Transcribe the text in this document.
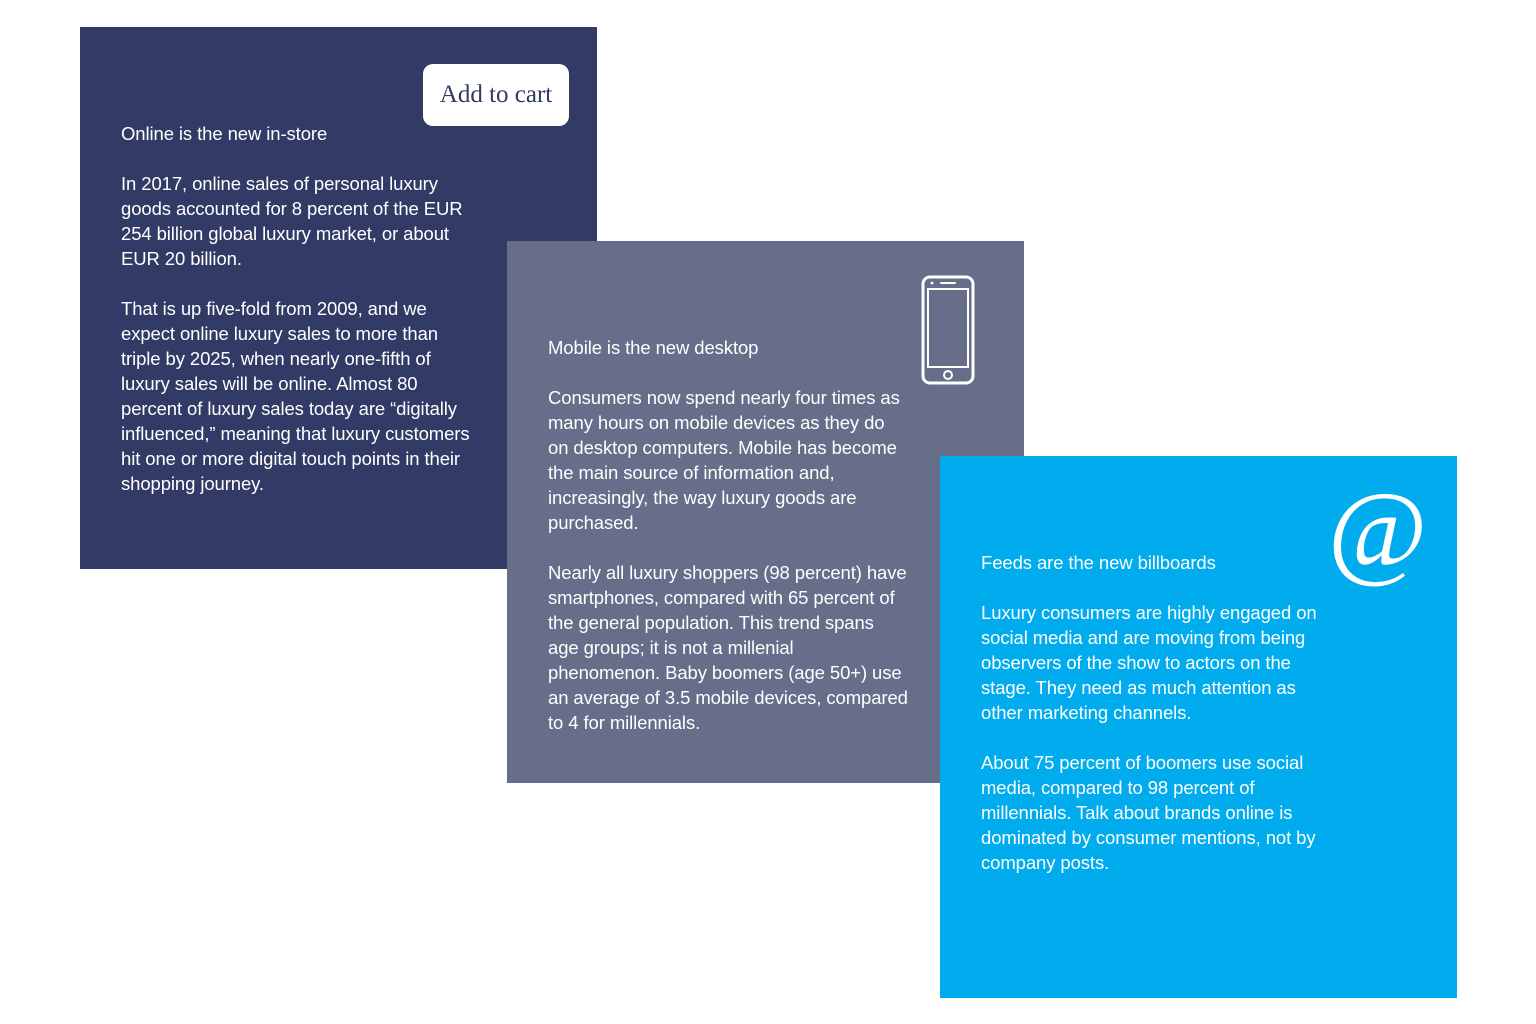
Add to cart
Online is the new in-store

In 2017, online sales of personal luxury goods accounted for 8 percent of the EUR 254 billion global luxury market, or about EUR 20 billion.

That is up five-fold from 2009, and we expect online luxury sales to more than triple by 2025, when nearly one-fifth of luxury sales will be online. Almost 80 percent of luxury sales today are “digitally influenced,” meaning that luxury customers hit one or more digital touch points in their shopping journey.

Mobile is the new desktop

Consumers now spend nearly four times as many hours on mobile devices as they do on desktop computers. Mobile has become the main source of information and, increasingly, the way luxury goods are purchased.

Nearly all luxury shoppers (98 percent) have smartphones, compared with 65 percent of the general population. This trend spans age groups; it is not a millenial phenomenon. Baby boomers (age 50+) use an average of 3.5 mobile devices, compared to 4 for millennials.

@
Feeds are the new billboards

Luxury consumers are highly engaged on social media and are moving from being observers of the show to actors on the stage. They need as much attention as other marketing channels.

About 75 percent of boomers use social media, compared to 98 percent of millennials. Talk about brands online is dominated by consumer mentions, not by company posts.
